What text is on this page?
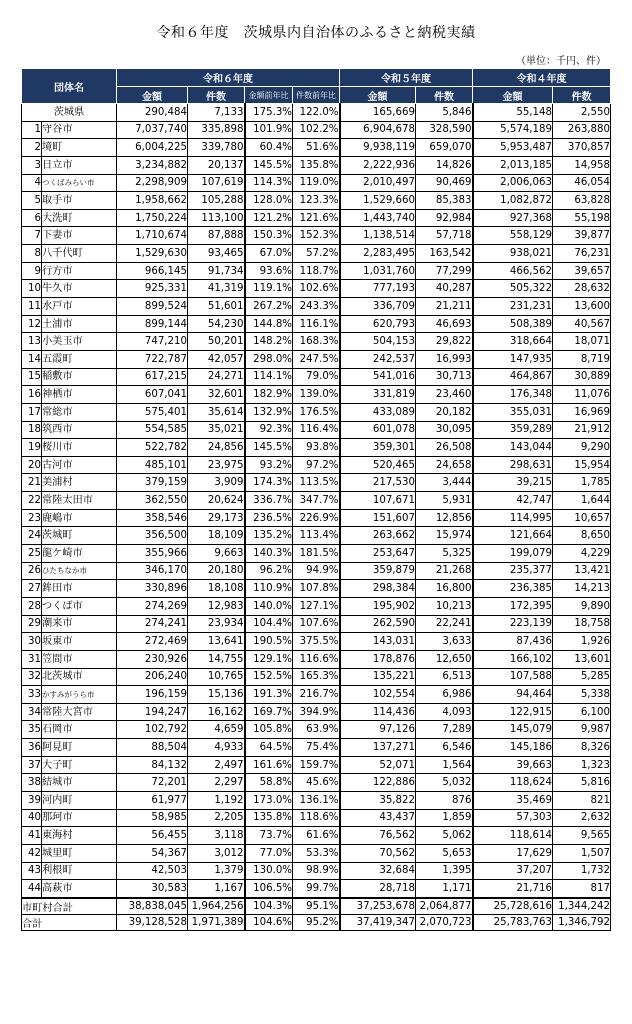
令和６年度　茨城県内自治体のふるさと納税実績
（単位：千円、件）
団体名		令和６年度				令和５年度		令和４年度	
		金額	件数	金額前年比	件数前年比	金額	件数	金額	件数
茨城県		290,484	7,133	175.3%	122.0%	165,669	5,846	55,148	2,550
1	守谷市	7,037,740	335,898	101.9%	102.2%	6,904,678	328,590	5,574,189	263,880
2	境町	6,004,225	339,780	60.4%	51.6%	9,938,119	659,070	5,953,487	370,857
3	日立市	3,234,882	20,137	145.5%	135.8%	2,222,936	14,826	2,013,185	14,958
4	つくばみらい市	2,298,909	107,619	114.3%	119.0%	2,010,497	90,469	2,006,063	46,054
5	取手市	1,958,662	105,288	128.0%	123.3%	1,529,660	85,383	1,082,872	63,828
6	大洗町	1,750,224	113,100	121.2%	121.6%	1,443,740	92,984	927,368	55,198
7	下妻市	1,710,674	87,888	150.3%	152.3%	1,138,514	57,718	558,129	39,877
8	八千代町	1,529,630	93,465	67.0%	57.2%	2,283,495	163,542	938,021	76,231
9	行方市	966,145	91,734	93.6%	118.7%	1,031,760	77,299	466,562	39,657
10	牛久市	925,331	41,319	119.1%	102.6%	777,193	40,287	505,322	28,632
11	水戸市	899,524	51,601	267.2%	243.3%	336,709	21,211	231,231	13,600
12	土浦市	899,144	54,230	144.8%	116.1%	620,793	46,693	508,389	40,567
13	小美玉市	747,210	50,201	148.2%	168.3%	504,153	29,822	318,664	18,071
14	五霞町	722,787	42,057	298.0%	247.5%	242,537	16,993	147,935	8,719
15	稲敷市	617,215	24,271	114.1%	79.0%	541,016	30,713	464,867	30,889
16	神栖市	607,041	32,601	182.9%	139.0%	331,819	23,460	176,348	11,076
17	常総市	575,401	35,614	132.9%	176.5%	433,089	20,182	355,031	16,969
18	筑西市	554,585	35,021	92.3%	116.4%	601,078	30,095	359,289	21,912
19	桜川市	522,782	24,856	145.5%	93.8%	359,301	26,508	143,044	9,290
20	古河市	485,101	23,975	93.2%	97.2%	520,465	24,658	298,631	15,954
21	美浦村	379,159	3,909	174.3%	113.5%	217,530	3,444	39,215	1,785
22	常陸太田市	362,550	20,624	336.7%	347.7%	107,671	5,931	42,747	1,644
23	鹿嶋市	358,546	29,173	236.5%	226.9%	151,607	12,856	114,995	10,657
24	茨城町	356,500	18,109	135.2%	113.4%	263,662	15,974	121,664	8,650
25	龍ケ崎市	355,966	9,663	140.3%	181.5%	253,647	5,325	199,079	4,229
26	ひたちなか市	346,170	20,180	96.2%	94.9%	359,879	21,268	235,377	13,421
27	鉾田市	330,896	18,108	110.9%	107.8%	298,384	16,800	236,385	14,213
28	つくば市	274,269	12,983	140.0%	127.1%	195,902	10,213	172,395	9,890
29	潮来市	274,241	23,934	104.4%	107.6%	262,590	22,241	223,139	18,758
30	坂東市	272,469	13,641	190.5%	375.5%	143,031	3,633	87,436	1,926
31	笠間市	230,926	14,755	129.1%	116.6%	178,876	12,650	166,102	13,601
32	北茨城市	206,240	10,765	152.5%	165.3%	135,221	6,513	107,588	5,285
33	かすみがうら市	196,159	15,136	191.3%	216.7%	102,554	6,986	94,464	5,338
34	常陸大宮市	194,247	16,162	169.7%	394.9%	114,436	4,093	122,915	6,100
35	石岡市	102,792	4,659	105.8%	63.9%	97,126	7,289	145,079	9,987
36	阿見町	88,504	4,933	64.5%	75.4%	137,271	6,546	145,186	8,326
37	大子町	84,132	2,497	161.6%	159.7%	52,071	1,564	39,663	1,323
38	結城市	72,201	2,297	58.8%	45.6%	122,886	5,032	118,624	5,816
39	河内町	61,977	1,192	173.0%	136.1%	35,822	876	35,469	821
40	那珂市	58,985	2,205	135.8%	118.6%	43,437	1,859	57,303	2,632
41	東海村	56,455	3,118	73.7%	61.6%	76,562	5,062	118,614	9,565
42	城里町	54,367	3,012	77.0%	53.3%	70,562	5,653	17,629	1,507
43	利根町	42,503	1,379	130.0%	98.9%	32,684	1,395	37,207	1,732
44	高萩市	30,583	1,167	106.5%	99.7%	28,718	1,171	21,716	817
市町村合計		38,838,045	1,964,256	104.3%	95.1%	37,253,678	2,064,877	25,728,616	1,344,242
合計		39,128,528	1,971,389	104.6%	95.2%	37,419,347	2,070,723	25,783,763	1,346,792
